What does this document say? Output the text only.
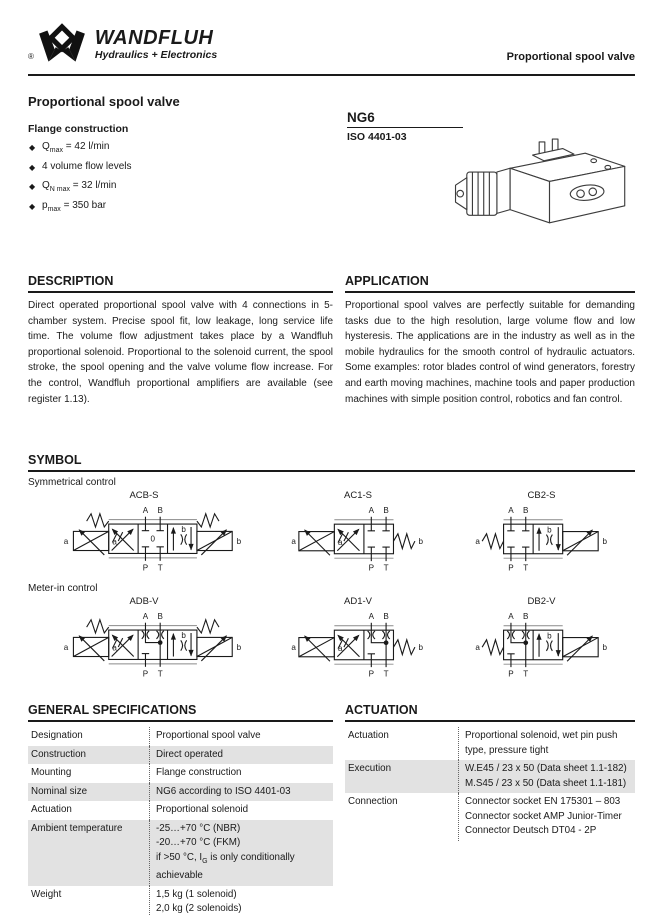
®
WANDFLUH
Hydraulics + Electronics	Proportional spool valve
Proportional spool valve
Flange construction
◆ $Q_{max} = 42$ l/min
◆ 4 volume flow levels
◆ $Q_{N max} = 32$ l/min
◆ $p_{max} = 350$ bar
NG6
ISO 4401-03
DESCRIPTION

Direct operated proportional spool valve with 4 connections in 5-chamber system. Precise spool fit, low leakage, long service life time. The volume flow adjustment takes place by a Wandfluh proportional solenoid. Proportional to the solenoid current, the spool stroke, the spool opening and the valve volume flow increase. For the control, Wandfluh proportional amplifiers are available (see register 1.13).

APPLICATION

Proportional spool valves are perfectly suitable for demanding tasks due to the high resolution, large volume flow and low hysteresis. The applications are in the industry as well as in the mobile hydraulics for the smooth control of hydraulic actuators. Some examples: rotor blades control of wind generators, forestry and earth moving machines, machine tools and paper production machines with simple position control, robotics and fan control.

SYMBOL
Symmetrical control
ACB-S
a	a	0
b
A B
P T
b
AC1-S
a	a
A B
P T
b
CB2-S
a
A B
P T
b
b
Meter-in control
ADB-V
a	a
b
A B
P T
b
AD1-V
a	a
A B
P T
b
DB2-V
a
A B
P T
b
b
GENERAL SPECIFICATIONS
Designation	Proportional spool valve
Construction	Direct operated
Mounting	Flange construction
Nominal size	NG6 according to ISO 4401-03
Actuation	Proportional solenoid
Ambient temperature	-25…+70 °C (NBR)
-20…+70 °C (FKM)
if >50 °C, $I_G$ is only conditionally
achievable
Weight	1,5 kg (1 solenoid)
2,0 kg (2 solenoids)
ACTUATION
Actuation	Proportional solenoid, wet pin push
type, pressure tight
Execution	W.E45 / 23 x 50 (Data sheet 1.1-182)
M.S45 / 23 x 50 (Data sheet 1.1-181)
Connection	Connector socket EN 175301 – 803
Connector socket AMP Junior-Timer
Connector Deutsch DT04 - 2P
